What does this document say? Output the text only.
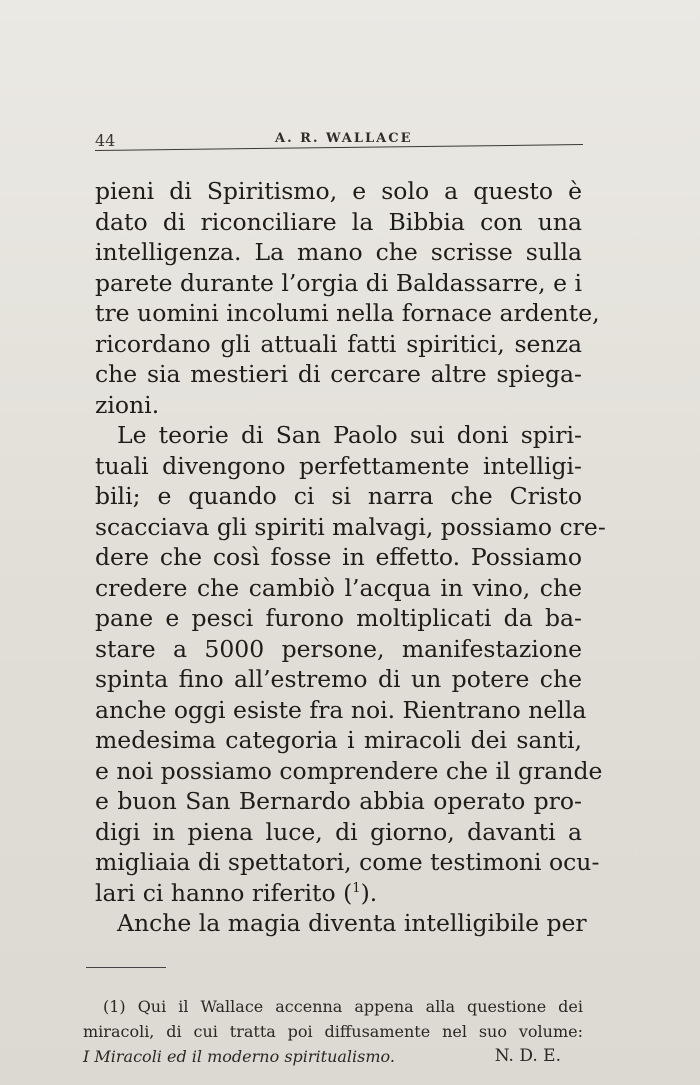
44	A. R. WALLACE
pieni di Spiritismo, e solo a questo è
dato di riconciliare la Bibbia con una
intelligenza. La mano che scrisse sulla
parete durante l’orgia di Baldassarre, e i
tre uomini incolumi nella fornace ardente,
ricordano gli attuali fatti spiritici, senza
che sia mestieri di cercare altre spiega-
zioni.
Le teorie di San Paolo sui doni spiri-
tuali divengono perfettamente intelligi-
bili; e quando ci si narra che Cristo
scacciava gli spiriti malvagi, possiamo cre-
dere che così fosse in effetto. Possiamo
credere che cambiò l’acqua in vino, che
pane e pesci furono moltiplicati da ba-
stare a 5000 persone, manifestazione
spinta fino all’estremo di un potere che
anche oggi esiste fra noi. Rientrano nella
medesima categoria i miracoli dei santi,
e noi possiamo comprendere che il grande
e buon San Bernardo abbia operato pro-
digi in piena luce, di giorno, davanti a
migliaia di spettatori, come testimoni ocu-
lari ci hanno riferito ($^1$).
Anche la magia diventa intelligibile per
(1) Qui il Wallace accenna appena alla questione dei
miracoli, di cui tratta poi diffusamente nel suo volume:
I Miracoli ed il moderno spiritualismo.	N. D. E.
